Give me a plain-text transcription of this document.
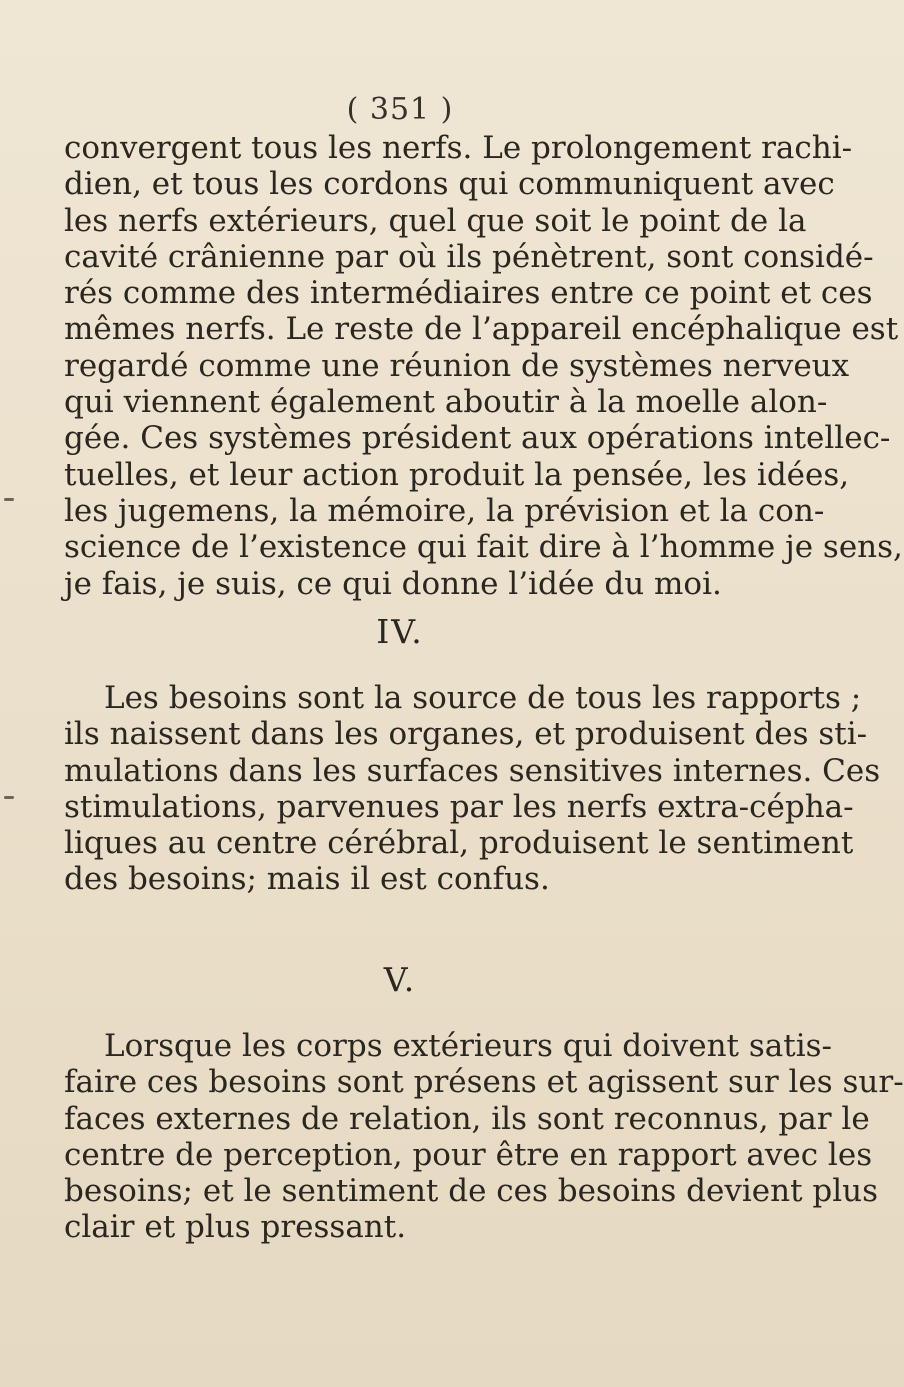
( 351 )
convergent tous les nerfs. Le prolongement rachi-
dien, et tous les cordons qui communiquent avec
les nerfs extérieurs, quel que soit le point de la
cavité crânienne par où ils pénètrent, sont considé-
rés comme des intermédiaires entre ce point et ces
mêmes nerfs. Le reste de l’appareil encéphalique est
regardé comme une réunion de systèmes nerveux
qui viennent également aboutir à la moelle alon-
gée. Ces systèmes président aux opérations intellec-
tuelles, et leur action produit la pensée, les idées,
les jugemens, la mémoire, la prévision et la con-
science de l’existence qui fait dire à l’homme je sens,
je fais, je suis, ce qui donne l’idée du moi.
IV.
Les besoins sont la source de tous les rapports ;
ils naissent dans les organes, et produisent des sti-
mulations dans les surfaces sensitives internes. Ces
stimulations, parvenues par les nerfs extra-cépha-
liques au centre cérébral, produisent le sentiment
des besoins; mais il est confus.
V.
Lorsque les corps extérieurs qui doivent satis-
faire ces besoins sont présens et agissent sur les sur-
faces externes de relation, ils sont reconnus, par le
centre de perception, pour être en rapport avec les
besoins; et le sentiment de ces besoins devient plus
clair et plus pressant.
